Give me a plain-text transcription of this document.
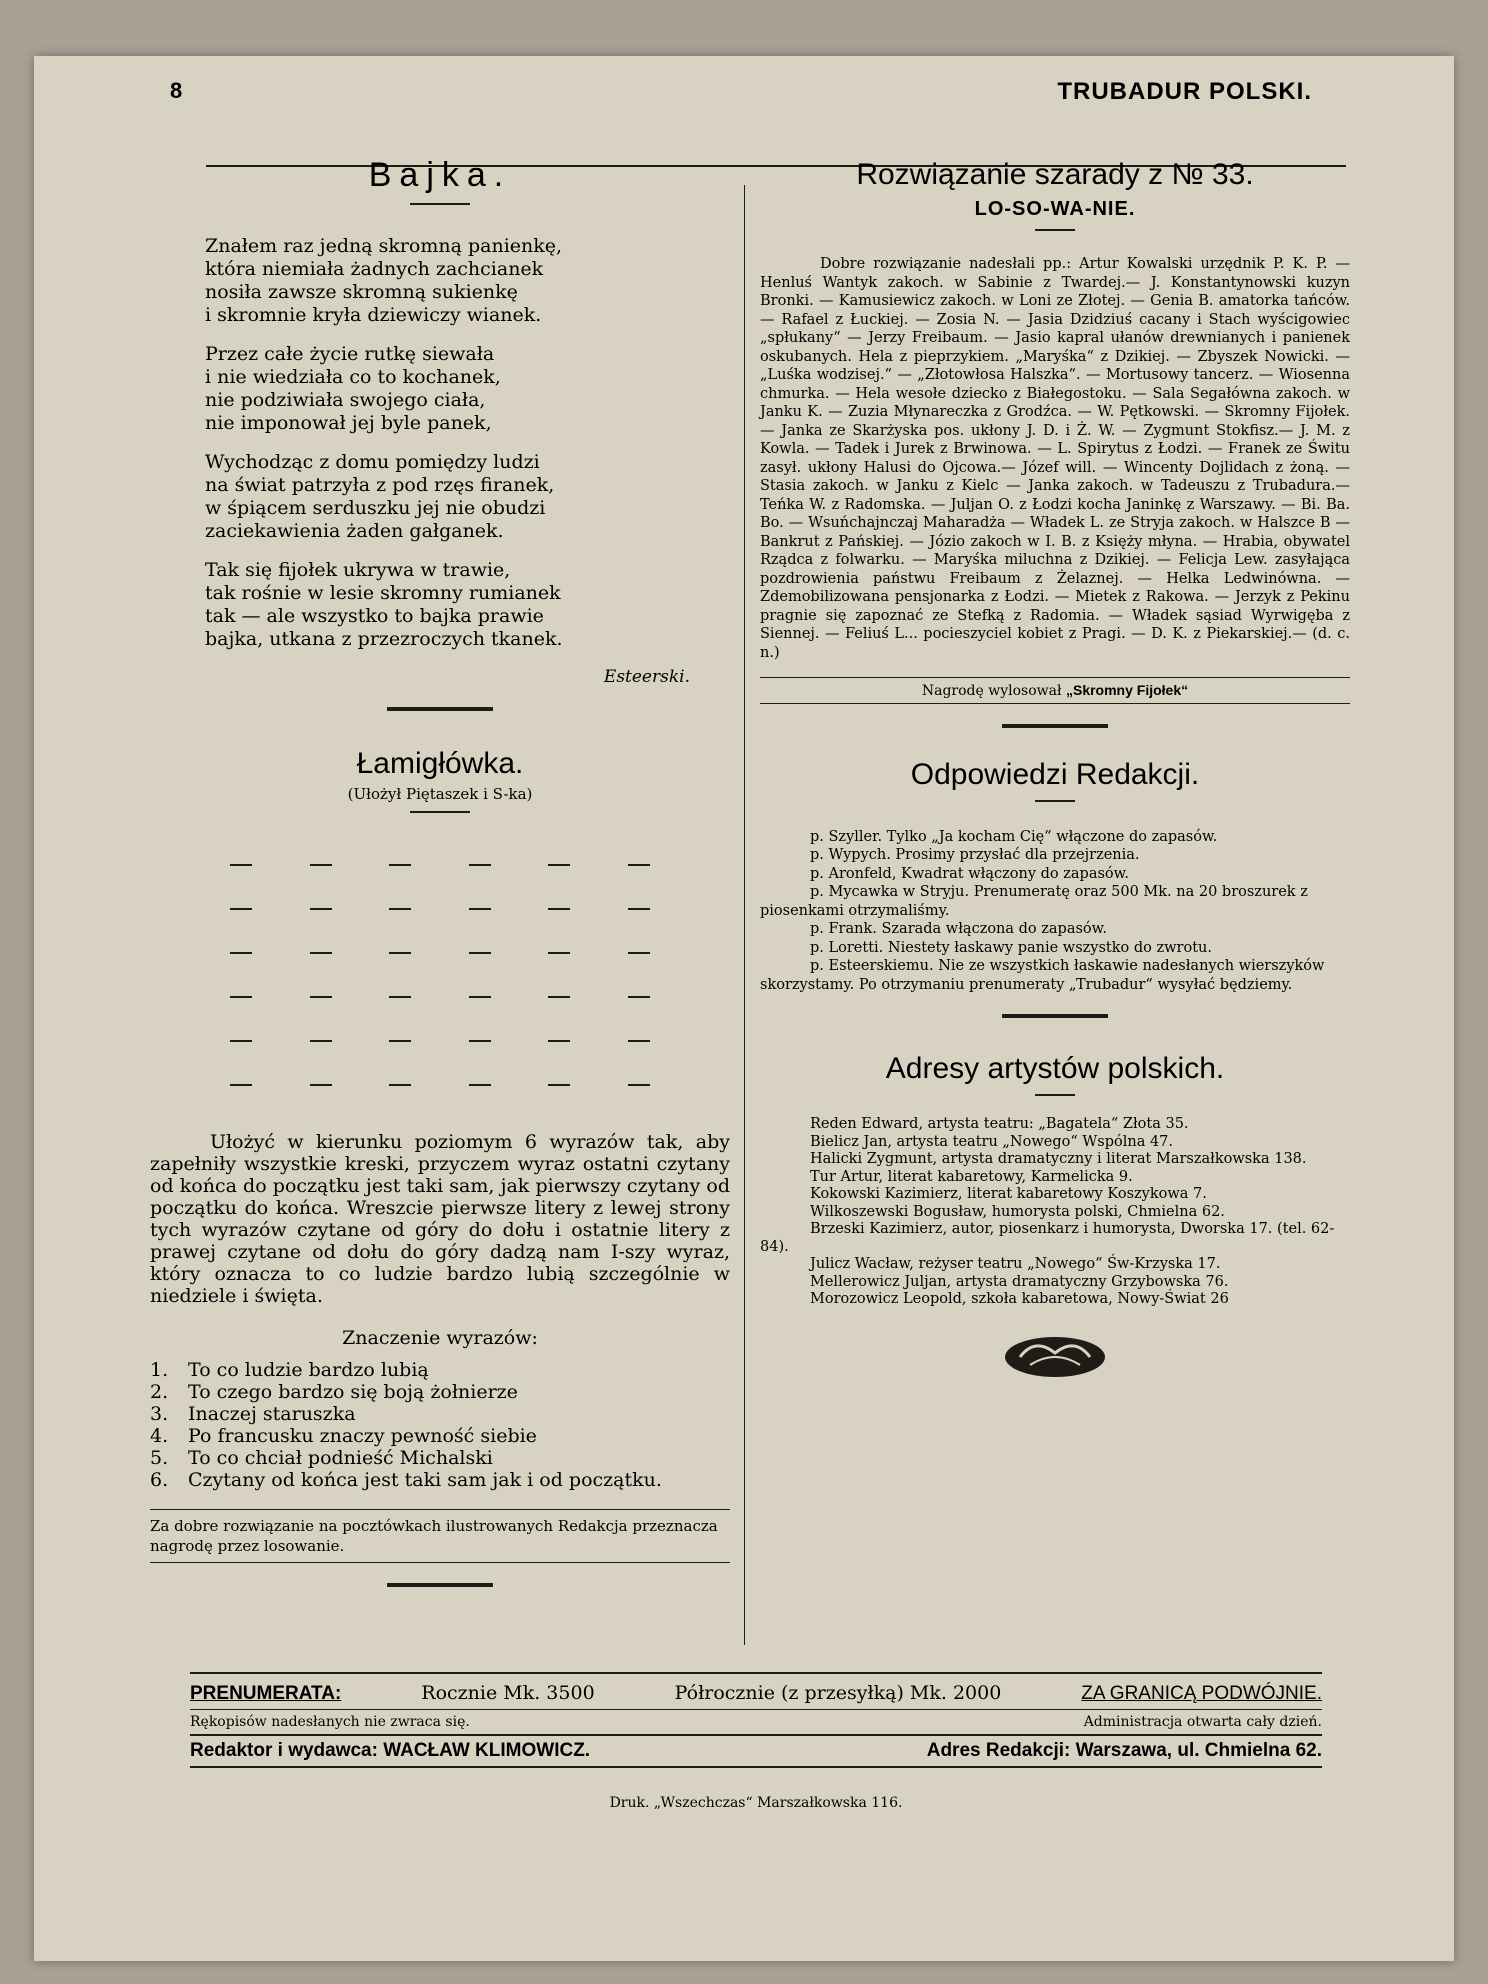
8	TRUBADUR POLSKI.
Bajka.

Znałem raz jedną skromną panienkę,
która niemiała żadnych zachcianek
nosiła zawsze skromną sukienkę
i skromnie kryła dziewiczy wianek.

Przez całe życie rutkę siewała
i nie wiedziała co to kochanek,
nie podziwiała swojego ciała,
nie imponował jej byle panek,

Wychodząc z domu pomiędzy ludzi
na świat patrzyła z pod rzęs firanek,
w śpiącem serduszku jej nie obudzi
zaciekawienia żaden gałganek.

Tak się fijołek ukrywa w trawie,
tak rośnie w lesie skromny rumianek
tak — ale wszystko to bajka prawie
bajka, utkana z przezroczych tkanek.

Esteerski.
Łamigłówka.
(Ułożył Piętaszek i S-ka)

Ułożyć w kierunku poziomym 6 wyrazów tak, aby zapełniły wszystkie kreski, przyczem wyraz ostatni czytany od końca do początku jest taki sam, jak pierwszy czytany od początku do końca. Wreszcie pierwsze litery z lewej strony tych wyrazów czytane od góry do dołu i ostatnie litery z prawej czytane od dołu do góry dadzą nam I-szy wyraz, który oznacza to co ludzie bardzo lubią szczególnie w niedziele i święta.

Znaczenie wyrazów:
1.	To co ludzie bardzo lubią
2.	To czego bardzo się boją żołnierze
3.	Inaczej staruszka
4.	Po francusku znaczy pewność siebie
5.	To co chciał podnieść Michalski
6.	Czytany od końca jest taki sam jak i od początku.
Za dobre rozwiązanie na pocztówkach ilustrowanych Redakcja przeznacza nagrodę przez losowanie.
Rozwiązanie szarady z № 33.
LO-SO-WA-NIE.

Dobre rozwiązanie nadesłali pp.: Artur Kowalski urzędnik P. K. P. — Henluś Wantyk zakoch. w Sabinie z Twardej.— J. Konstantynowski kuzyn Bronki. — Kamusiewicz zakoch. w Loni ze Złotej. — Genia B. amatorka tańców. — Rafael z Łuckiej. — Zosia N. — Jasia Dzidziuś cacany i Stach wyścigowiec „spłukany“ — Jerzy Freibaum. — Jasio kapral ułanów drewnianych i panienek oskubanych. Hela z pieprzykiem. „Maryśka“ z Dzikiej. — Zbyszek Nowicki. — „Luśka wodzisej.“ — „Złotowłosa Halszka“. — Mortusowy tancerz. — Wiosenna chmurka. — Hela wesołe dziecko z Białegostoku. — Sala Segałówna zakoch. w Janku K. — Zuzia Młynareczka z Grodźca. — W. Pętkowski. — Skromny Fijołek. — Janka ze Skarżyska pos. ukłony J. D. i Ż. W. — Zygmunt Stokfisz.— J. M. z Kowla. — Tadek i Jurek z Brwinowa. — L. Spirytus z Łodzi. — Franek ze Świtu zasył. ukłony Halusi do Ojcowa.— Józef will. — Wincenty Dojlidach z żoną. — Stasia zakoch. w Janku z Kielc — Janka zakoch. w Tadeuszu z Trubadura.— Teńka W. z Radomska. — Juljan O. z Łodzi kocha Janinkę z Warszawy. — Bi. Ba. Bo. — Wsuńchajnczaj Maharadża — Władek L. ze Stryja zakoch. w Halszce B — Bankrut z Pańskiej. — Józio zakoch w I. B. z Księży młyna. — Hrabia, obywatel Rządca z folwarku. — Maryśka miluchna z Dzikiej. — Felicja Lew. zasyłająca pozdrowienia państwu Freibaum z Żelaznej. — Helka Ledwinówna. — Zdemobilizowana pensjonarka z Łodzi. — Mietek z Rakowa. — Jerzyk z Pekinu pragnie się zapoznać ze Stefką z Radomia. — Władek sąsiad Wyrwigęba z Siennej. — Feliuś L... pocieszyciel kobiet z Pragi. — D. K. z Piekarskiej.— (d. c. n.)

Nagrodę wylosował „Skromny Fijołek“
Odpowiedzi Redakcji.

p. Szyller. Tylko „Ja kocham Cię“ włączone do zapasów.

p. Wypych. Prosimy przysłać dla przejrzenia.

p. Aronfeld, Kwadrat włączony do zapasów.

p. Mycawka w Stryju. Prenumeratę oraz 500 Mk. na 20 broszurek z piosenkami otrzymaliśmy.

p. Frank. Szarada włączona do zapasów.

p. Loretti. Niestety łaskawy panie wszystko do zwrotu.

p. Esteerskiemu. Nie ze wszystkich łaskawie nadesłanych wierszyków skorzystamy. Po otrzymaniu prenumeraty „Trubadur“ wysyłać będziemy.

Adresy artystów polskich.

Reden Edward, artysta teatru: „Bagatela“ Złota 35.

Bielicz Jan, artysta teatru „Nowego“ Wspólna 47.

Halicki Zygmunt, artysta dramatyczny i literat Marszałkowska 138.

Tur Artur, literat kabaretowy, Karmelicka 9.

Kokowski Kazimierz, literat kabaretowy Koszykowa 7.

Wilkoszewski Bogusław, humorysta polski, Chmielna 62.

Brzeski Kazimierz, autor, piosenkarz i humorysta, Dworska 17. (tel. 62-84).

Julicz Wacław, reżyser teatru „Nowego“ Św-Krzyska 17.

Mellerowicz Juljan, artysta dramatyczny Grzybowska 76.

Morozowicz Leopold, szkoła kabaretowa, Nowy-Świat 26

PRENUMERATA:	Rocznie Mk. 3500	Półrocznie (z przesyłką) Mk. 2000	ZA GRANICĄ PODWÓJNIE.
Rękopisów nadesłanych nie zwraca się.	Administracja otwarta cały dzień.
Redaktor i wydawca: WACŁAW KLIMOWICZ.	Adres Redakcji: Warszawa, ul. Chmielna 62.
Druk. „Wszechczas“ Marszałkowska 116.
